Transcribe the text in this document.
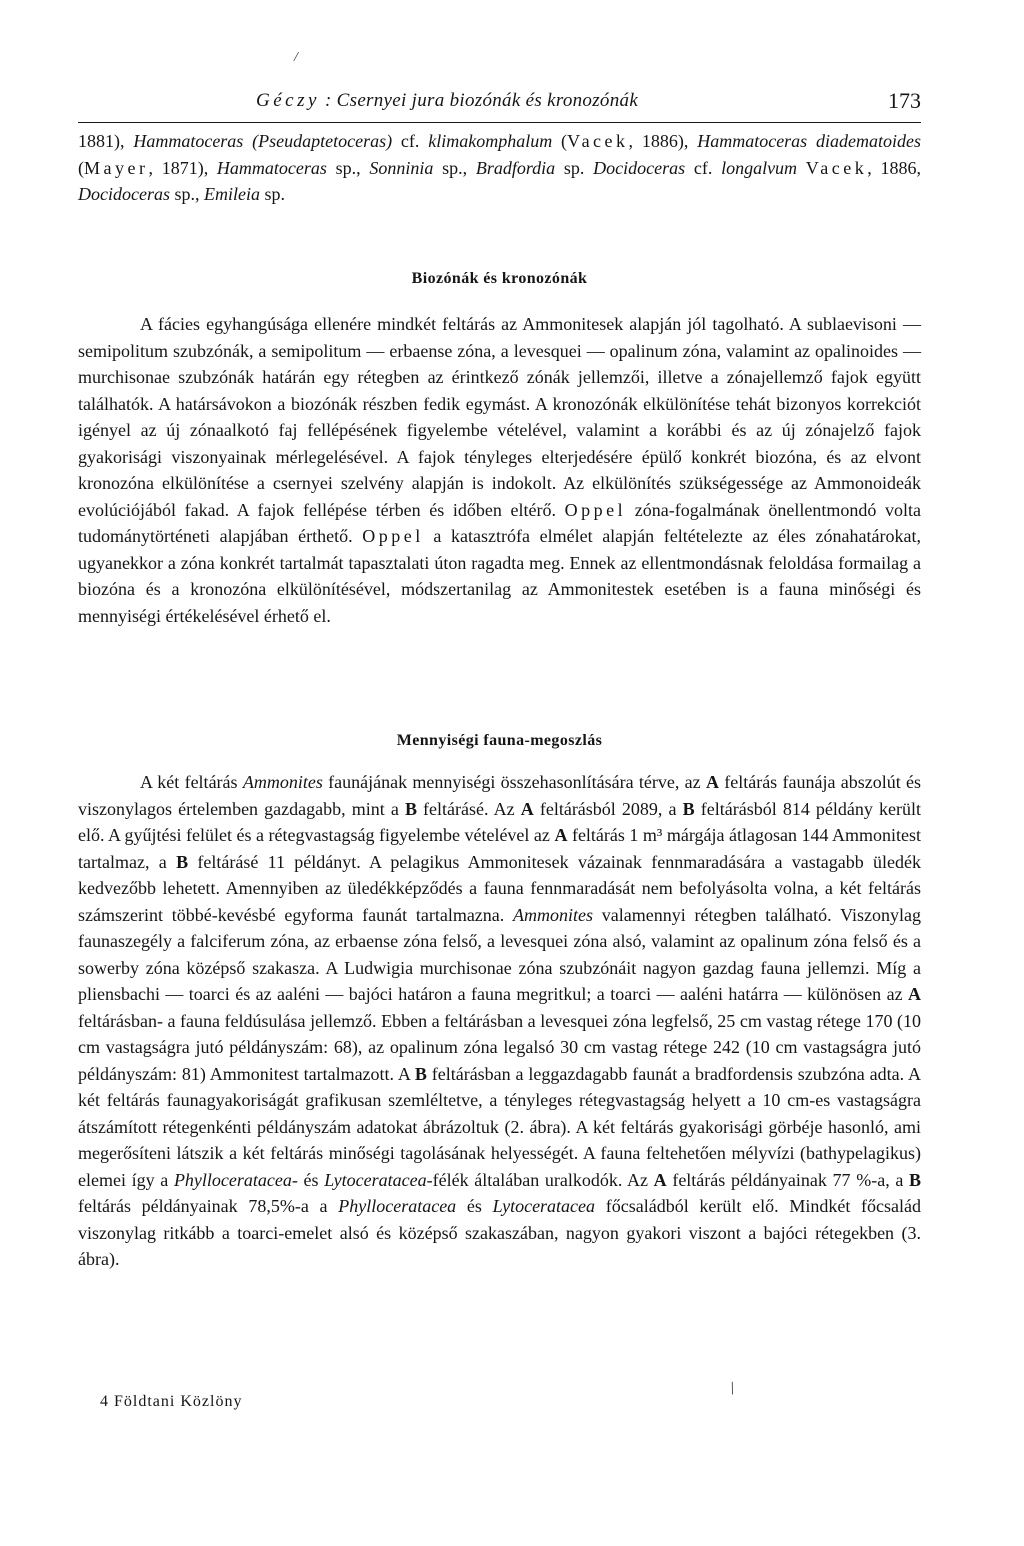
/
Géczy : Csernyei jura biozónák és kronozónák	173

1881), Hammatoceras (Pseudaptetoceras) cf. klimakomphalum (Vacek, 1886), Hammatoceras diadematoides (Mayer, 1871), Hammatoceras sp., Sonninia sp., Bradfordia sp. Docidoceras cf. longalvum Vacek, 1886, Docidoceras sp., Emileia sp.

Biozónák és kronozónák

A fácies egyhangúsága ellenére mindkét feltárás az Ammonitesek alapján jól tagolható. A sublaevisoni — semipolitum szubzónák, a semipolitum — erbaense zóna, a levesquei — opalinum zóna, valamint az opalinoides — murchisonae szubzónák határán egy rétegben az érintkező zónák jellemzői, illetve a zónajellemző fajok együtt találhatók. A határsávokon a biozónák részben fedik egymást. A kronozónák elkülönítése tehát bizonyos korrekciót igényel az új zónaalkotó faj fellépésének figyelembe vételével, valamint a korábbi és az új zónajelző fajok gyakorisági viszonyainak mérlegelésével. A fajok tényleges elterjedésére épülő konkrét biozóna, és az elvont kronozóna elkülönítése a csernyei szelvény alapján is indokolt. Az elkülönítés szükségessége az Ammonoideák evolúciójából fakad. A fajok fellépése térben és időben eltérő. Oppel zóna-fogalmának önellentmondó volta tudománytörténeti alapjában érthető. Oppel a katasztrófa elmélet alapján feltételezte az éles zónahatárokat, ugyanekkor a zóna konkrét tartalmát tapasztalati úton ragadta meg. Ennek az ellentmondásnak feloldása formailag a biozóna és a kronozóna elkülönítésével, módszertanilag az Ammonitestek esetében is a fauna minőségi és mennyiségi értékelésével érhető el.

Mennyiségi fauna-megoszlás

A két feltárás Ammonites faunájának mennyiségi összehasonlítására térve, az A feltárás faunája abszolút és viszonylagos értelemben gazdagabb, mint a B feltárásé. Az A feltárásból 2089, a B feltárásból 814 példány került elő. A gyűjtési felület és a rétegvastagság figyelembe vételével az A feltárás 1 m³ márgája átlagosan 144 Ammonitest tartalmaz, a B feltárásé 11 példányt. A pelagikus Ammonitesek vázainak fennmaradására a vastagabb üledék kedvezőbb lehetett. Amennyiben az üledékképződés a fauna fennmaradását nem befolyásolta volna, a két feltárás számszerint többé-kevésbé egyforma faunát tartalmazna. Ammonites valamennyi rétegben található. Viszonylag faunaszegély a falciferum zóna, az erbaense zóna felső, a levesquei zóna alsó, valamint az opalinum zóna felső és a sowerby zóna középső szakasza. A Ludwigia murchisonae zóna szubzónáit nagyon gazdag fauna jellemzi. Míg a pliensbachi — toarci és az aaléni — bajóci határon a fauna megritkul; a toarci — aaléni határra — különösen az A feltárásban- a fauna feldúsulása jellemző. Ebben a feltárásban a levesquei zóna legfelső, 25 cm vastag rétege 170 (10 cm vastagságra jutó példányszám: 68), az opalinum zóna legalsó 30 cm vastag rétege 242 (10 cm vastagságra jutó példányszám: 81) Ammonitest tartalmazott. A B feltárásban a leggazdagabb faunát a bradfordensis szubzóna adta. A két feltárás faunagyakoriságát grafikusan szemléltetve, a tényleges rétegvastagság helyett a 10 cm-es vastagságra átszámított rétegenkénti példányszám adatokat ábrázoltuk (2. ábra). A két feltárás gyakorisági görbéje hasonló, ami megerősíteni látszik a két feltárás minőségi tagolásának helyességét. A fauna feltehetően mélyvízi (bathypelagikus) elemei így a Phylloceratacea- és Lytoceratacea-félék általában uralkodók. Az A feltárás példányainak 77 %-a, a B feltárás példányainak 78,5%-a a Phylloceratacea és Lytoceratacea főcsaládból került elő. Mindkét főcsalád viszonylag ritkább a toarci-emelet alsó és középső szakaszában, nagyon gyakori viszont a bajóci rétegekben (3. ábra).

/
4 Földtani Közlöny
